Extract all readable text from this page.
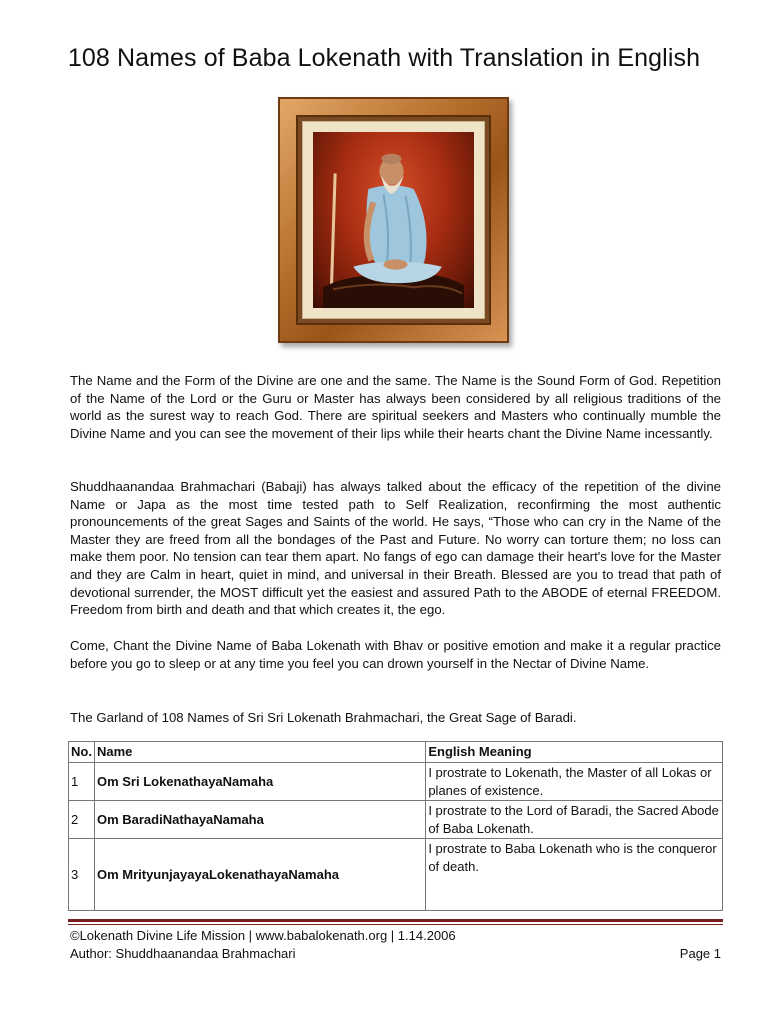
108 Names of Baba Lokenath with Translation in English

The Name and the Form of the Divine are one and the same. The Name is the Sound Form of God. Repetition of the Name of the Lord or the Guru or Master has always been considered by all religious traditions of the world as the surest way to reach God. There are spiritual seekers and Masters who continually mumble the Divine Name and you can see the movement of their lips while their hearts chant the Divine Name incessantly.

Shuddhaanandaa Brahmachari (Babaji) has always talked about the efficacy of the repetition of the divine Name or Japa as the most time tested path to Self Realization, reconfirming the most authentic pronouncements of the great Sages and Saints of the world. He says, “Those who can cry in the Name of the Master they are freed from all the bondages of the Past and Future. No worry can torture them; no loss can make them poor. No tension can tear them apart. No fangs of ego can damage their heart's love for the Master and they are Calm in heart, quiet in mind, and universal in their Breath. Blessed are you to tread that path of devotional surrender, the MOST difficult yet the easiest and assured Path to the ABODE of eternal FREEDOM. Freedom from birth and death and that which creates it, the ego.

Come, Chant the Divine Name of Baba Lokenath with Bhav or positive emotion and make it a regular practice before you go to sleep or at any time you feel you can drown yourself in the Nectar of Divine Name.

The Garland of 108 Names of Sri Sri Lokenath Brahmachari, the Great Sage of Baradi.

No.	Name	English Meaning
1	Om Sri LokenathayaNamaha	I prostrate to Lokenath, the Master of all Lokas or planes of existence.
2	Om BaradiNathayaNamaha	I prostrate to the Lord of Baradi, the Sacred Abode of Baba Lokenath.
3	Om MrityunjayayaLokenathayaNamaha	I prostrate to Baba Lokenath who is the conqueror of death.
©Lokenath Divine Life Mission | www.babalokenath.org | 1.14.2006
Author: Shuddhaanandaa Brahmachari	Page 1
